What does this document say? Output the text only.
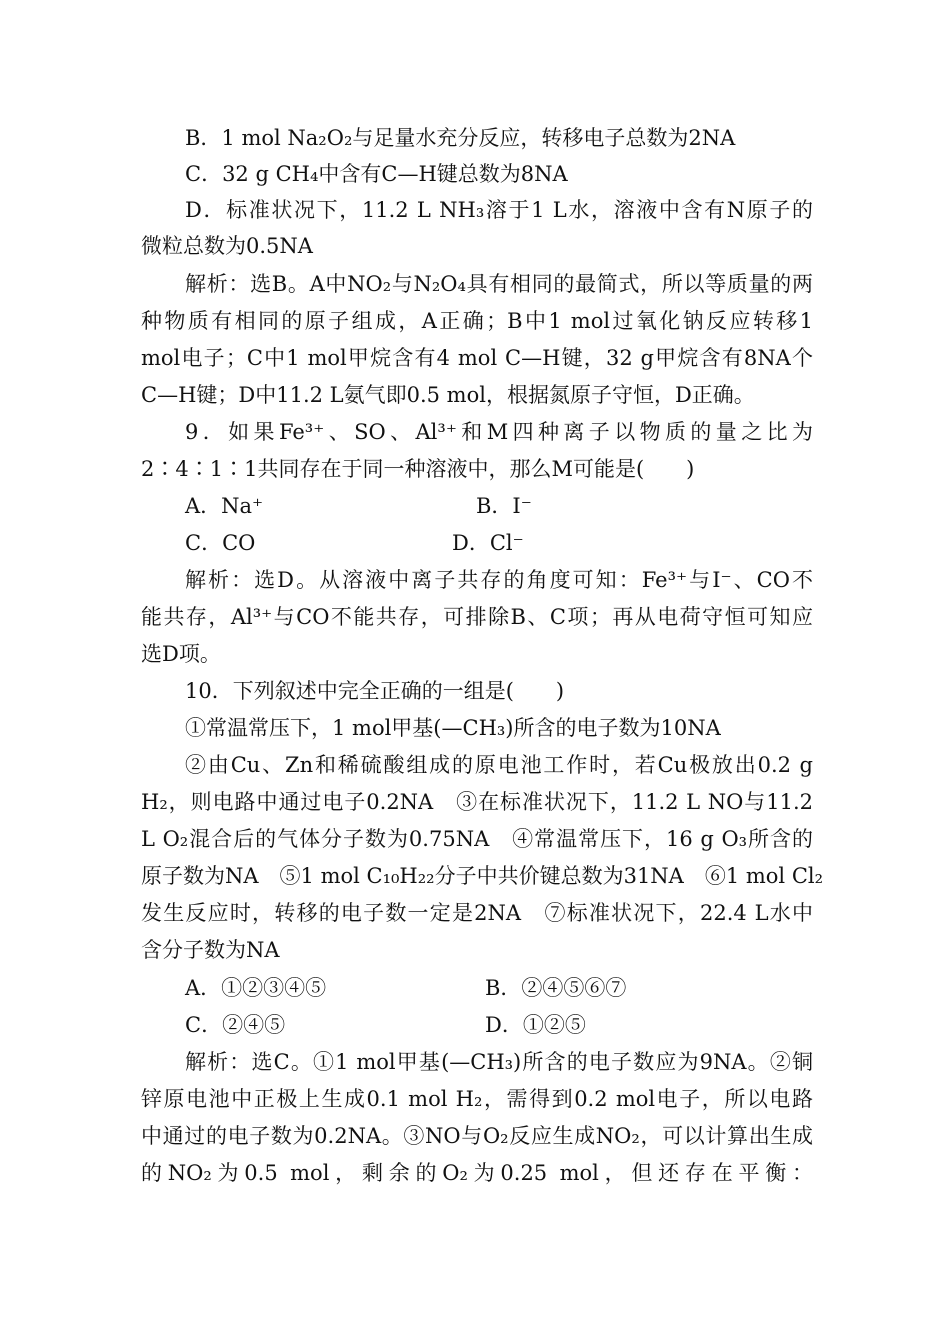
B．1 mol Na₂O₂与足量水充分反应，转移电子总数为2NA
C．32 g CH₄中含有C—H键总数为8NA
D．标准状况下，11.2 L NH₃溶于1 L水，溶液中含有N原子的
微粒总数为0.5NA
解析：选B。A中NO₂与N₂O₄具有相同的最简式，所以等质量的两
种物质有相同的原子组成，A正确；B中1 mol过氧化钠反应转移1
mol电子；C中1 mol甲烷含有4 mol C—H键，32 g甲烷含有8NA个
C—H键；D中11.2 L氨气即0.5 mol，根据氮原子守恒，D正确。
9．如果Fe³⁺、SO、Al³⁺和M四种离子以物质的量之比为
2∶4∶1∶1共同存在于同一种溶液中，那么M可能是(　　)
A．Na⁺	B．I⁻
C．CO	D．Cl⁻
解析：选D。从溶液中离子共存的角度可知：Fe³⁺与I⁻、CO不
能共存，Al³⁺与CO不能共存，可排除B、C项；再从电荷守恒可知应
选D项。
10．下列叙述中完全正确的一组是(　　)
①常温常压下，1 mol甲基(—CH₃)所含的电子数为10NA
②由Cu、Zn和稀硫酸组成的原电池工作时，若Cu极放出0.2 g
H₂，则电路中通过电子0.2NA　③在标准状况下，11.2 L NO与11.2
L O₂混合后的气体分子数为0.75NA　④常温常压下，16 g O₃所含的
原子数为NA　⑤1 mol C₁₀H₂₂分子中共价键总数为31NA　⑥1 mol Cl₂
发生反应时，转移的电子数一定是2NA　⑦标准状况下，22.4 L水中
含分子数为NA
A．①②③④⑤	B．②④⑤⑥⑦
C．②④⑤	D．①②⑤
解析：选C。①1 mol甲基(—CH₃)所含的电子数应为9NA。②铜
锌原电池中正极上生成0.1 mol H₂，需得到0.2 mol电子，所以电路
中通过的电子数为0.2NA。③NO与O₂反应生成NO₂，可以计算出生成
的NO₂为0.5 mol，剩余的O₂为0.25 mol，但还存在平衡：
